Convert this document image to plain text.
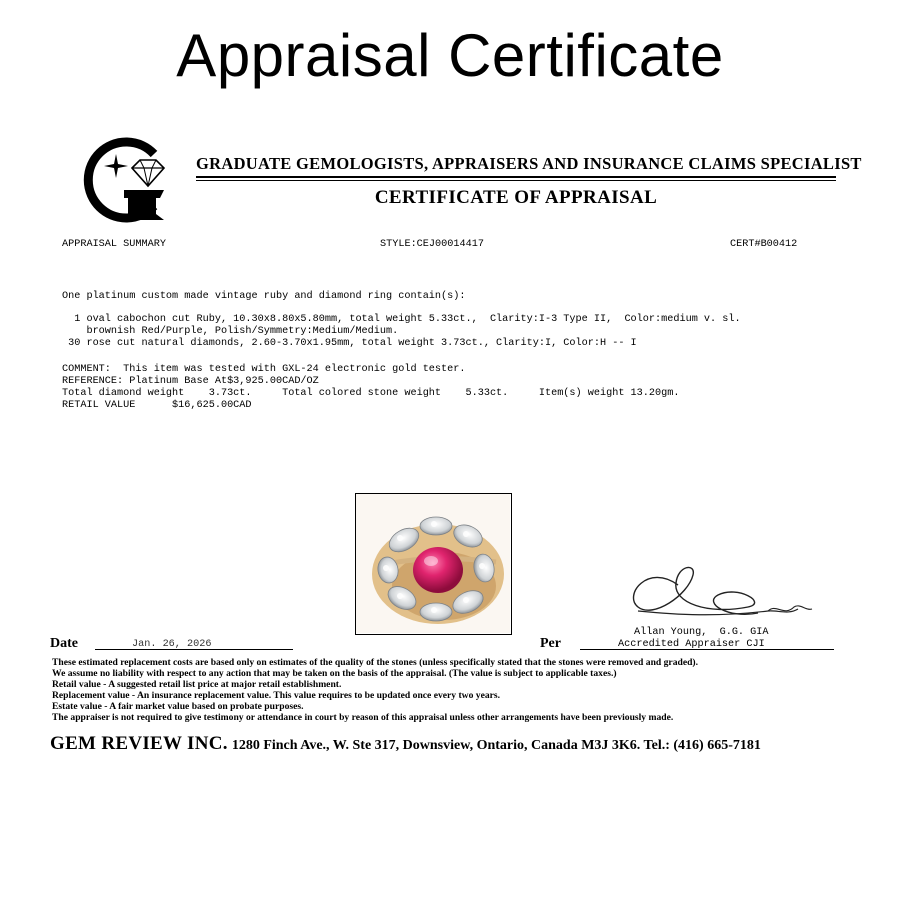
Appraisal Certificate
GRADUATE GEMOLOGISTS, APPRAISERS AND INSURANCE CLAIMS SPECIALIST
CERTIFICATE OF APPRAISAL
APPRAISAL SUMMARY	STYLE:CEJ00014417	CERT#B00412
One platinum custom made vintage ruby and diamond ring contain(s):
1 oval cabochon cut Ruby, 10.30x8.80x5.80mm, total weight 5.33ct.,  Clarity:I-3 Type II,  Color:medium v. sl.
brownish Red/Purple, Polish/Symmetry:Medium/Medium.
30 rose cut natural diamonds, 2.60-3.70x1.95mm, total weight 3.73ct., Clarity:I, Color:H -- I
COMMENT:  This item was tested with GXL-24 electronic gold tester.
REFERENCE: Platinum Base At$3,925.00CAD/OZ
Total diamond weight    3.73ct.     Total colored stone weight    5.33ct.     Item(s) weight 13.20gm.
RETAIL VALUE      $16,625.00CAD
Date	Jan. 26, 2026
Allan Young,  G.G. GIA
Per	Accredited Appraiser CJI
These estimated replacement costs are based only on estimates of the quality of the stones (unless specifically stated that the stones were removed and graded).
We assume no liability with respect to any action that may be taken on the basis of the appraisal. (The value is subject to applicable taxes.)
Retail value - A suggested retail list price at major retail establishment.
Replacement value - An insurance replacement value. This value requires to be updated once every two years.
Estate value - A fair market value based on probate purposes.
The appraiser is not required to give testimony or attendance in court by reason of this appraisal unless other arrangements have been previously made.
GEM REVIEW INC. 1280 Finch Ave., W. Ste 317, Downsview, Ontario, Canada M3J 3K6. Tel.: (416) 665-7181
